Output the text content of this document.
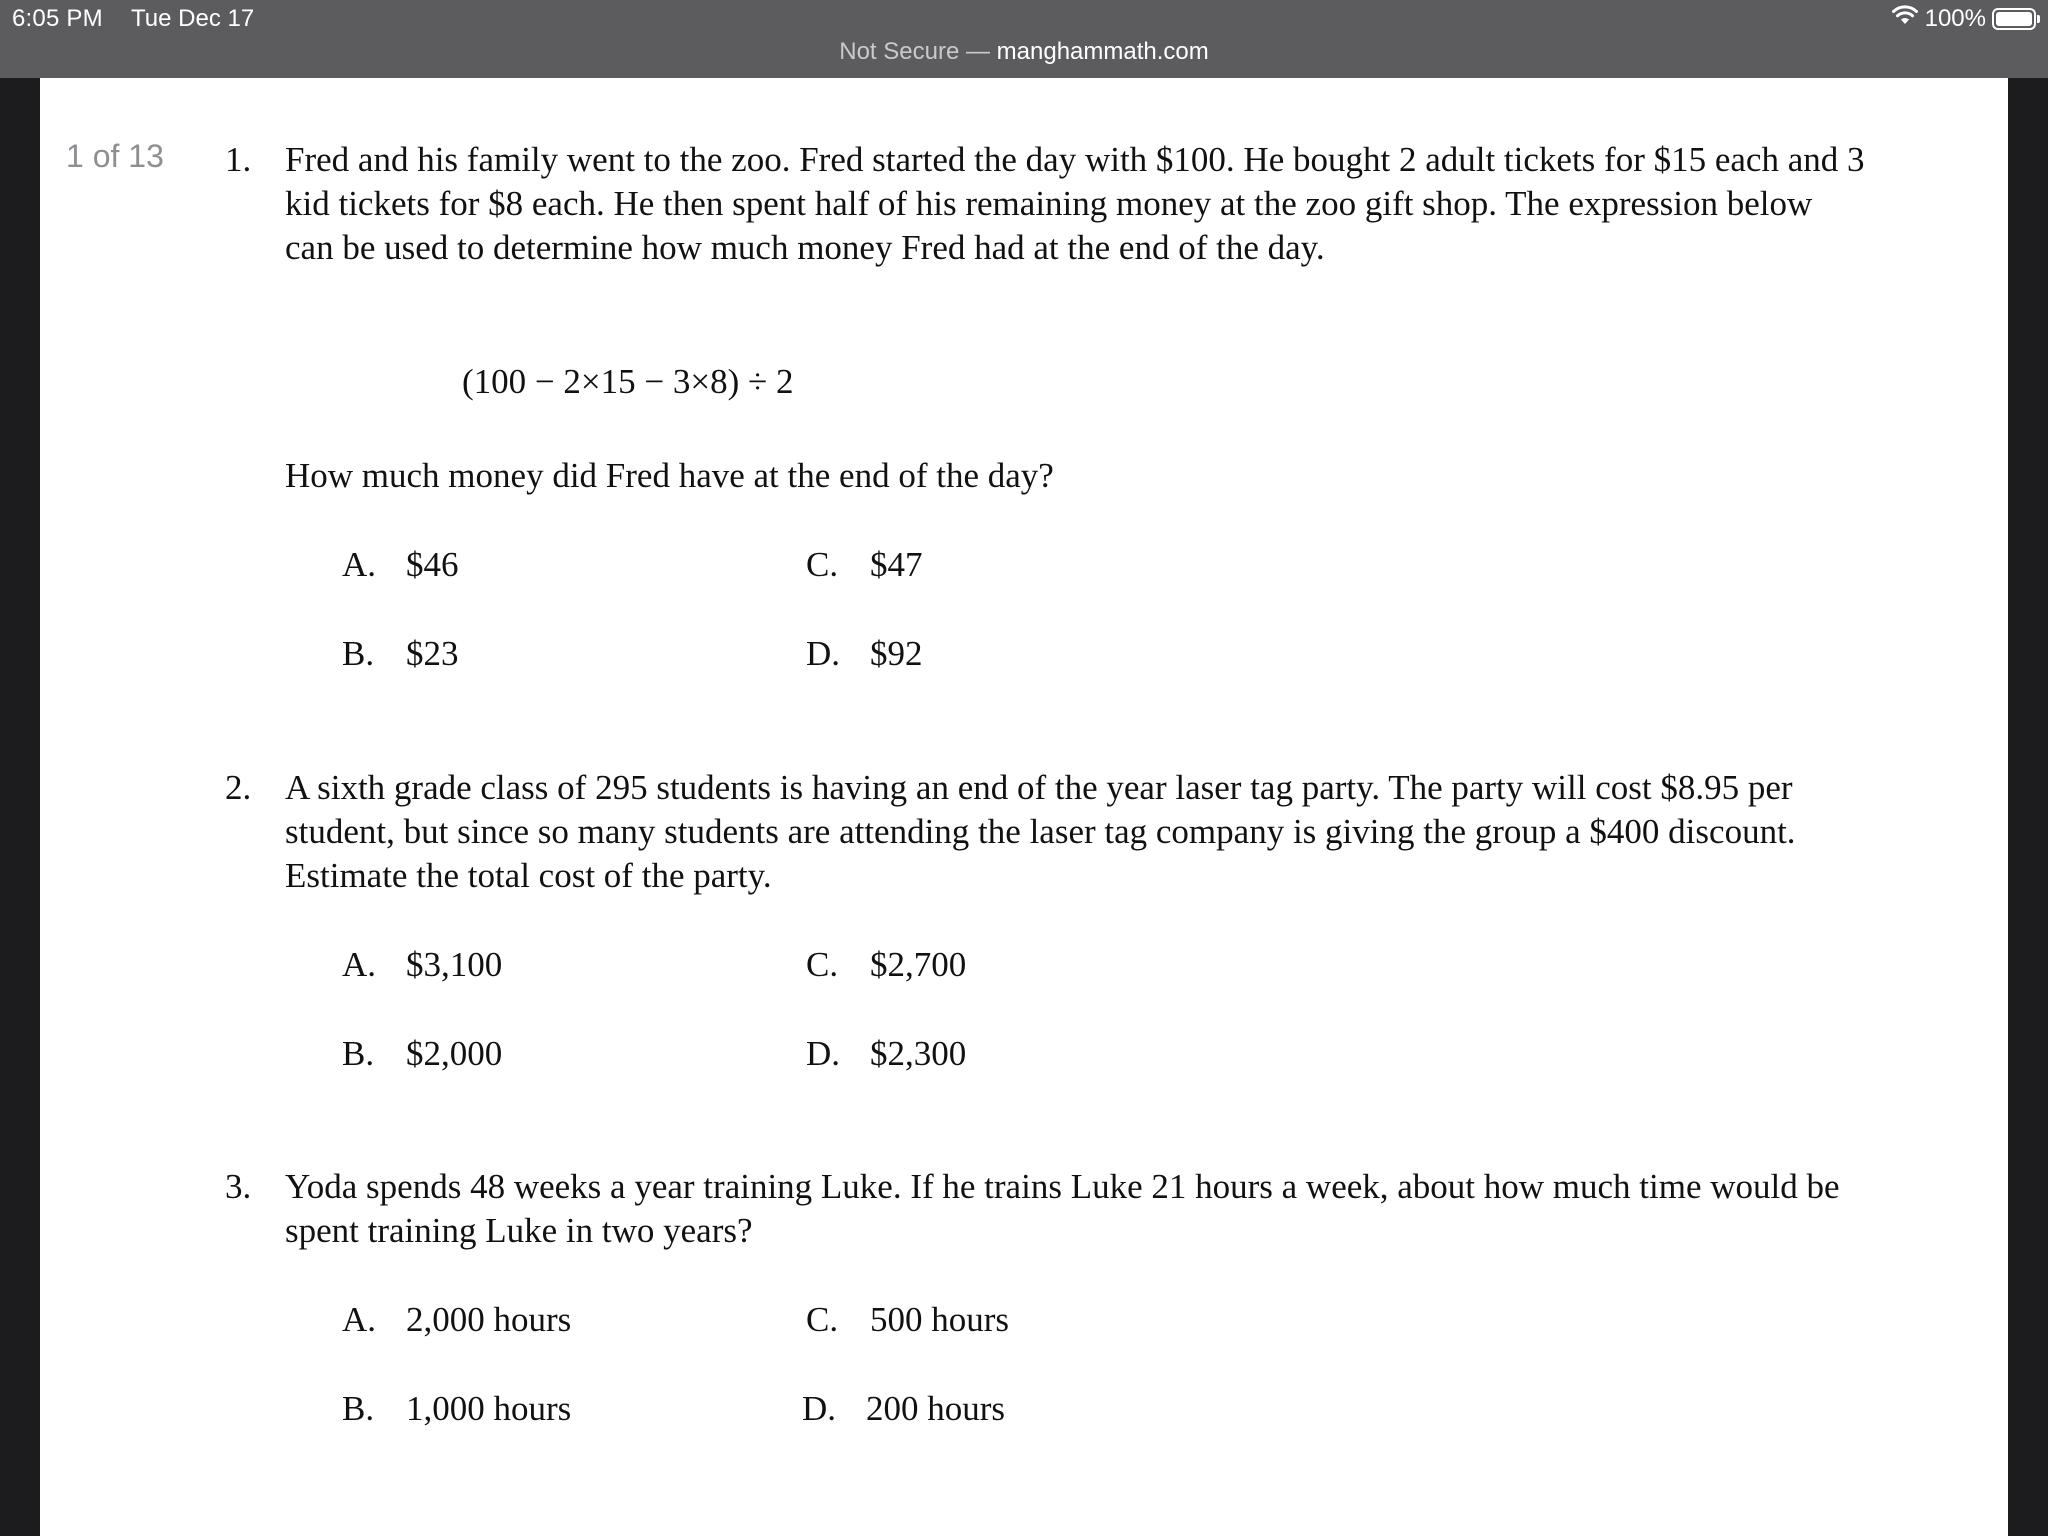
6:05 PM Tue Dec 17	100%
Not Secure — manghammath.com
1 of 13 1. Fred and his family went to the zoo. Fred started the day with $100. He bought 2 adult tickets for $15 each and 3 kid tickets for $8 each. He then spent half of his remaining money at the zoo gift shop. The expression below can be used to determine how much money Fred had at the end of the day.
(100 − 2×15 − 3×8) ÷ 2
How much money did Fred have at the end of the day?
A. $46
B. $23
C. $47
D. $92
2. A sixth grade class of 295 students is having an end of the year laser tag party. The party will cost $8.95 per student, but since so many students are attending the laser tag company is giving the group a $400 discount. Estimate the total cost of the party.
A. $3,100
B. $2,000
C. $2,700
D. $2,300
3. Yoda spends 48 weeks a year training Luke. If he trains Luke 21 hours a week, about how much time would be spent training Luke in two years?
A. 2,000 hours
B. 1,000 hours
C. 500 hours
D. 200 hours
